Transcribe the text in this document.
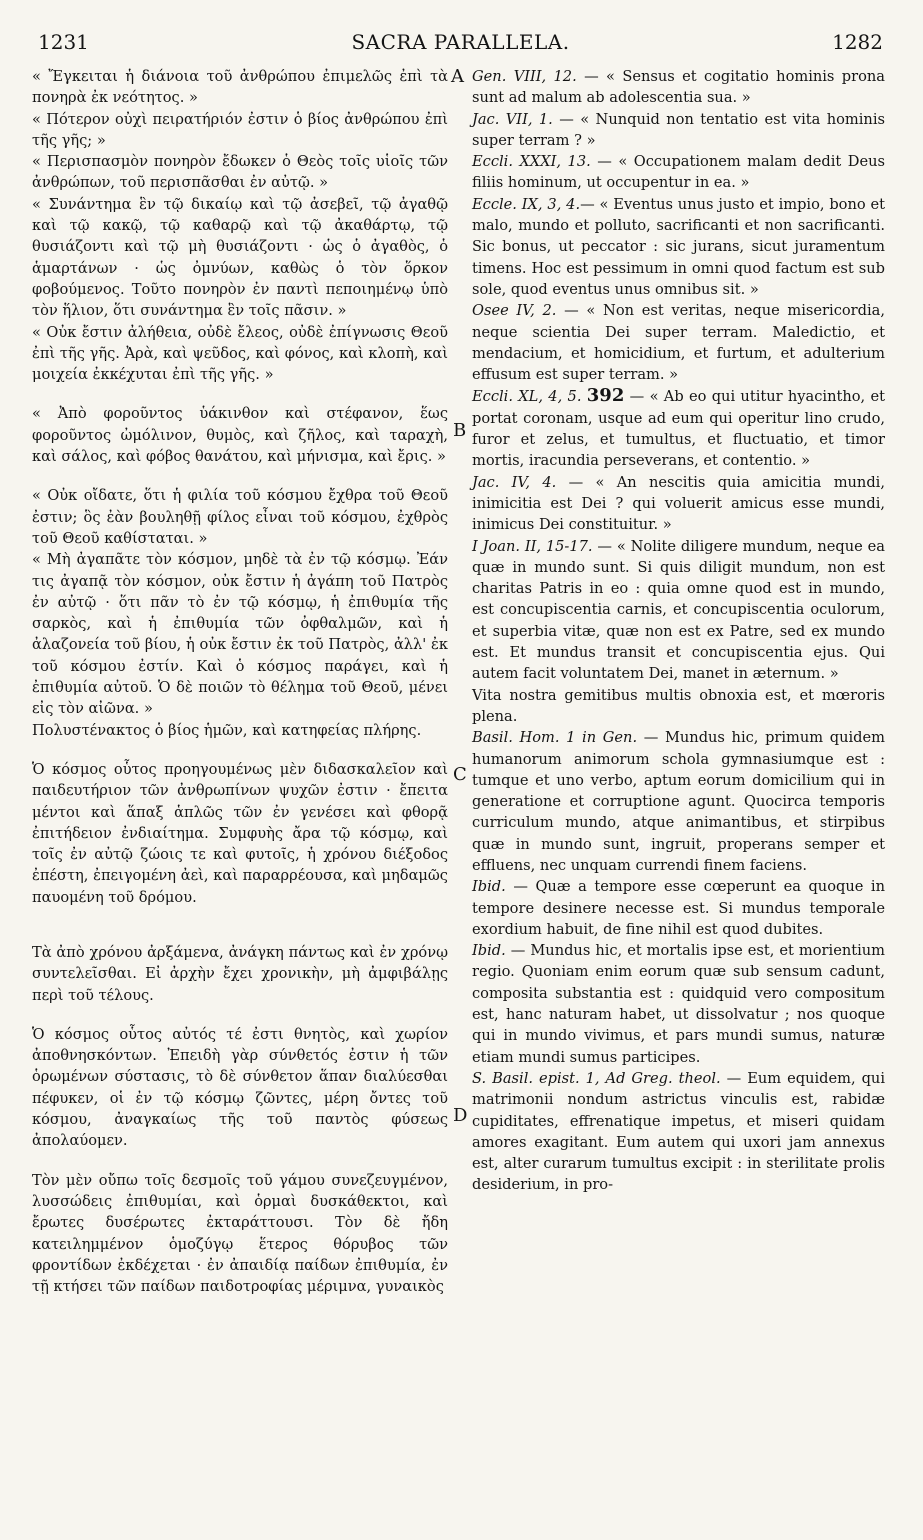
1231	SACRA PARALLELA.	1282
A
B
C
D

« Ἔγκειται ἡ διάνοια τοῦ ἀνθρώπου ἐπιμελῶς ἐπὶ τὰ πονηρὰ ἐκ νεότητος. »

« Πότερον οὐχὶ πειρατήριόν ἐστιν ὁ βίος ἀνθρώπου ἐπὶ τῆς γῆς; »

« Περισπασμὸν πονηρὸν ἔδωκεν ὁ Θεὸς τοῖς υἱοῖς τῶν ἀνθρώπων, τοῦ περισπᾶσθαι ἐν αὐτῷ. »

« Συνάντημα ἓν τῷ δικαίῳ καὶ τῷ ἀσεβεῖ, τῷ ἀγαθῷ καὶ τῷ κακῷ, τῷ καθαρῷ καὶ τῷ ἀκαθάρτῳ, τῷ θυσιάζοντι καὶ τῷ μὴ θυσιάζοντι · ὡς ὁ ἀγαθὸς, ὁ ἁμαρτάνων · ὡς ὀμνύων, καθὼς ὁ τὸν ὅρκον φοβούμενος. Τοῦτο πονηρὸν ἐν παντὶ πεποιημένῳ ὑπὸ τὸν ἥλιον, ὅτι συνάντημα ἓν τοῖς πᾶσιν. »

« Οὐκ ἔστιν ἀλήθεια, οὐδὲ ἔλεος, οὐδὲ ἐπίγνωσις Θεοῦ ἐπὶ τῆς γῆς. Ἀρὰ, καὶ ψεῦδος, καὶ φόνος, καὶ κλοπὴ, καὶ μοιχεία ἐκκέχυται ἐπὶ τῆς γῆς. »

« Ἀπὸ φοροῦντος ὑάκινθον καὶ στέφανον, ἕως φοροῦντος ὠμόλινον, θυμὸς, καὶ ζῆλος, καὶ ταραχὴ, καὶ σάλος, καὶ φόβος θανάτου, καὶ μήνισμα, καὶ ἔρις. »

« Οὐκ οἴδατε, ὅτι ἡ φιλία τοῦ κόσμου ἔχθρα τοῦ Θεοῦ ἐστιν; ὃς ἐὰν βουληθῇ φίλος εἶναι τοῦ κόσμου, ἐχθρὸς τοῦ Θεοῦ καθίσταται. »

« Μὴ ἀγαπᾶτε τὸν κόσμον, μηδὲ τὰ ἐν τῷ κόσμῳ. Ἐάν τις ἀγαπᾷ τὸν κόσμον, οὐκ ἔστιν ἡ ἀγάπη τοῦ Πατρὸς ἐν αὐτῷ · ὅτι πᾶν τὸ ἐν τῷ κόσμῳ, ἡ ἐπιθυμία τῆς σαρκὸς, καὶ ἡ ἐπιθυμία τῶν ὀφθαλμῶν, καὶ ἡ ἀλαζονεία τοῦ βίου, ἡ οὐκ ἔστιν ἐκ τοῦ Πατρὸς, ἀλλ' ἐκ τοῦ κόσμου ἐστίν. Καὶ ὁ κόσμος παράγει, καὶ ἡ ἐπιθυμία αὐτοῦ. Ὁ δὲ ποιῶν τὸ θέλημα τοῦ Θεοῦ, μένει εἰς τὸν αἰῶνα. »

Πολυστένακτος ὁ βίος ἡμῶν, καὶ κατηφείας πλήρης.

Ὁ κόσμος οὗτος προηγουμένως μὲν διδασκαλεῖον καὶ παιδευτήριον τῶν ἀνθρωπίνων ψυχῶν ἐστιν · ἔπειτα μέντοι καὶ ἅπαξ ἁπλῶς τῶν ἐν γενέσει καὶ φθορᾷ ἐπιτήδειον ἐνδιαίτημα. Συμφυὴς ἄρα τῷ κόσμῳ, καὶ τοῖς ἐν αὐτῷ ζώοις τε καὶ φυτοῖς, ἡ χρόνου διέξοδος ἐπέστη, ἐπειγομένη ἀεὶ, καὶ παραρρέουσα, καὶ μηδαμῶς παυομένη τοῦ δρόμου.

Τὰ ἀπὸ χρόνου ἀρξάμενα, ἀνάγκη πάντως καὶ ἐν χρόνῳ συντελεῖσθαι. Εἰ ἀρχὴν ἔχει χρονικὴν, μὴ ἀμφιβάλῃς περὶ τοῦ τέλους.

Ὁ κόσμος οὗτος αὐτός τέ ἐστι θνητὸς, καὶ χωρίον ἀποθνησκόντων. Ἐπειδὴ γὰρ σύνθετός ἐστιν ἡ τῶν ὁρωμένων σύστασις, τὸ δὲ σύνθετον ἅπαν διαλύεσθαι πέφυκεν, οἱ ἐν τῷ κόσμῳ ζῶντες, μέρη ὄντες τοῦ κόσμου, ἀναγκαίως τῆς τοῦ παντὸς φύσεως ἀπολαύομεν.

Τὸν μὲν οὔπω τοῖς δεσμοῖς τοῦ γάμου συνεζευγμένον, λυσσώδεις ἐπιθυμίαι, καὶ ὁρμαὶ δυσκάθεκτοι, καὶ ἔρωτες δυσέρωτες ἐκταράττουσι. Τὸν δὲ ἤδη κατειλημμένον ὁμοζύγῳ ἕτερος θόρυβος τῶν φροντίδων ἐκδέχεται · ἐν ἀπαιδίᾳ παίδων ἐπιθυμία, ἐν τῇ κτήσει τῶν παίδων παιδοτροφίας μέριμνα, γυναικὸς

Gen. VIII, 12. — « Sensus et cogitatio hominis prona sunt ad malum ab adolescentia sua. »

Jac. VII, 1. — « Nunquid non tentatio est vita hominis super terram ? »

Eccli. XXXI, 13. — « Occupationem malam dedit Deus filiis hominum, ut occupentur in ea. »

Eccle. IX, 3, 4.— « Eventus unus justo et impio, bono et malo, mundo et polluto, sacrificanti et non sacrificanti. Sic bonus, ut peccator : sic jurans, sicut juramentum timens. Hoc est pessimum in omni quod factum est sub sole, quod eventus unus omnibus sit. »

Osee IV, 2. — « Non est veritas, neque misericordia, neque scientia Dei super terram. Maledictio, et mendacium, et homicidium, et furtum, et adulterium effusum est super terram. »

Eccli. XL, 4, 5. 392 — « Ab eo qui utitur hyacintho, et portat coronam, usque ad eum qui operitur lino crudo, furor et zelus, et tumultus, et fluctuatio, et timor mortis, iracundia perseverans, et contentio. »

Jac. IV, 4. — « An nescitis quia amicitia mundi, inimicitia est Dei ? qui voluerit amicus esse mundi, inimicus Dei constituitur. »

I Joan. II, 15-17. — « Nolite diligere mundum, neque ea quæ in mundo sunt. Si quis diligit mundum, non est charitas Patris in eo : quia omne quod est in mundo, est concupiscentia carnis, et concupiscentia oculorum, et superbia vitæ, quæ non est ex Patre, sed ex mundo est. Et mundus transit et concupiscentia ejus. Qui autem facit voluntatem Dei, manet in æternum. »

Vita nostra gemitibus multis obnoxia est, et mœroris plena.

Basil. Hom. 1 in Gen. — Mundus hic, primum quidem humanorum animorum schola gymnasiumque est : tumque et uno verbo, aptum eorum domicilium qui in generatione et corruptione agunt. Quocirca temporis curriculum mundo, atque animantibus, et stirpibus quæ in mundo sunt, ingruit, properans semper et effluens, nec unquam currendi finem faciens.

Ibid. — Quæ a tempore esse cœperunt ea quoque in tempore desinere necesse est. Si mundus temporale exordium habuit, de fine nihil est quod dubites.

Ibid. — Mundus hic, et mortalis ipse est, et morientium regio. Quoniam enim eorum quæ sub sensum cadunt, composita substantia est : quidquid vero compositum est, hanc naturam habet, ut dissolvatur ; nos quoque qui in mundo vivimus, et pars mundi sumus, naturæ etiam mundi sumus participes.

S. Basil. epist. 1, Ad Greg. theol. — Eum equidem, qui matrimonii nondum astrictus vinculis est, rabidæ cupiditates, effrenatique impetus, et miseri quidam amores exagitant. Eum autem qui uxori jam annexus est, alter curarum tumultus excipit : in sterilitate prolis desiderium, in pro-
